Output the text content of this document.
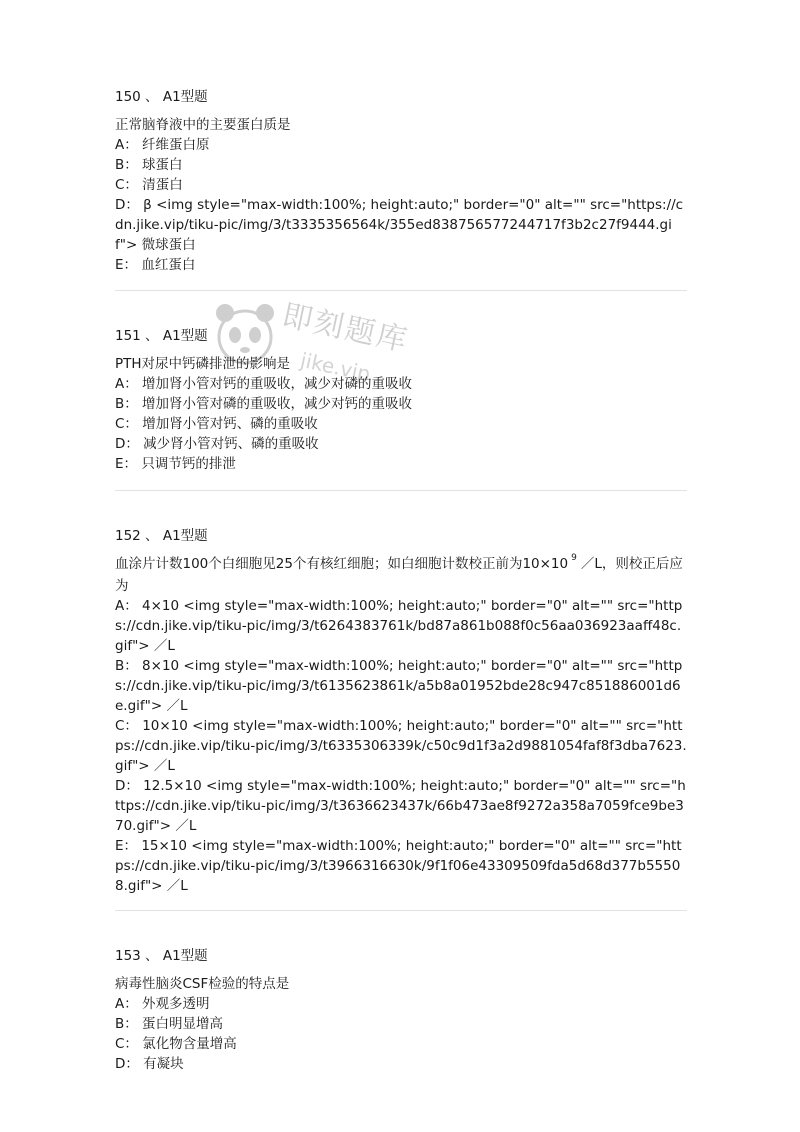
即刻题库
jike.vip
150 、 A1型题
正常脑脊液中的主要蛋白质是
A： 纤维蛋白原
B： 球蛋白
C： 清蛋白
D： β <img style="max-width:100%; height:auto;" border="0" alt="" src="https://cdn.jike.vip/tiku-pic/img/3/t3335356564k/355ed838756577244717f3b2c27f9444.gif"> 微球蛋白
E： 血红蛋白
151 、 A1型题
PTH对尿中钙磷排泄的影响是
A： 增加肾小管对钙的重吸收，减少对磷的重吸收
B： 增加肾小管对磷的重吸收，减少对钙的重吸收
C： 增加肾小管对钙、磷的重吸收
D： 减少肾小管对钙、磷的重吸收
E： 只调节钙的排泄
152 、 A1型题
血涂片计数100个白细胞见25个有核红细胞；如白细胞计数校正前为10×10 $^9$ ／L，则校正后应为
A： 4×10 <img style="max-width:100%; height:auto;" border="0" alt="" src="https://cdn.jike.vip/tiku-pic/img/3/t6264383761k/bd87a861b088f0c56aa036923aaff48c.gif"> ／L
B： 8×10 <img style="max-width:100%; height:auto;" border="0" alt="" src="https://cdn.jike.vip/tiku-pic/img/3/t6135623861k/a5b8a01952bde28c947c851886001d6e.gif"> ／L
C： 10×10 <img style="max-width:100%; height:auto;" border="0" alt="" src="https://cdn.jike.vip/tiku-pic/img/3/t6335306339k/c50c9d1f3a2d9881054faf8f3dba7623.gif"> ／L
D： 12.5×10 <img style="max-width:100%; height:auto;" border="0" alt="" src="https://cdn.jike.vip/tiku-pic/img/3/t3636623437k/66b473ae8f9272a358a7059fce9be370.gif"> ／L
E： 15×10 <img style="max-width:100%; height:auto;" border="0" alt="" src="https://cdn.jike.vip/tiku-pic/img/3/t3966316630k/9f1f06e43309509fda5d68d377b55508.gif"> ／L
153 、 A1型题
病毒性脑炎CSF检验的特点是
A： 外观多透明
B： 蛋白明显增高
C： 氯化物含量增高
D： 有凝块
